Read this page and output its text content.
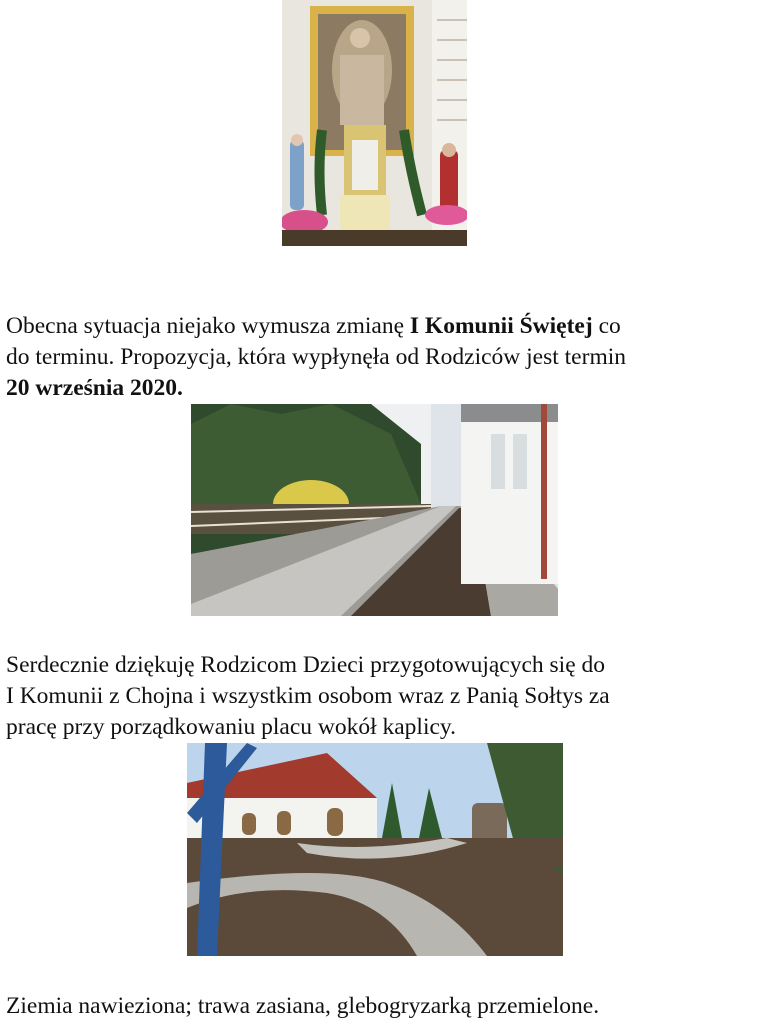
Obecna sytuacja niejako wymusza zmianę I Komunii Świętej co
do terminu. Propozycja, która wypłynęła od Rodziców jest termin
20 września 2020.
Serdecznie dziękuję Rodzicom Dzieci przygotowujących się do
I Komunii z Chojna i wszystkim osobom wraz z Panią Sołtys za
pracę przy porządkowaniu placu wokół kaplicy.
Ziemia nawieziona; trawa zasiana, glebogryzarką przemielone.
